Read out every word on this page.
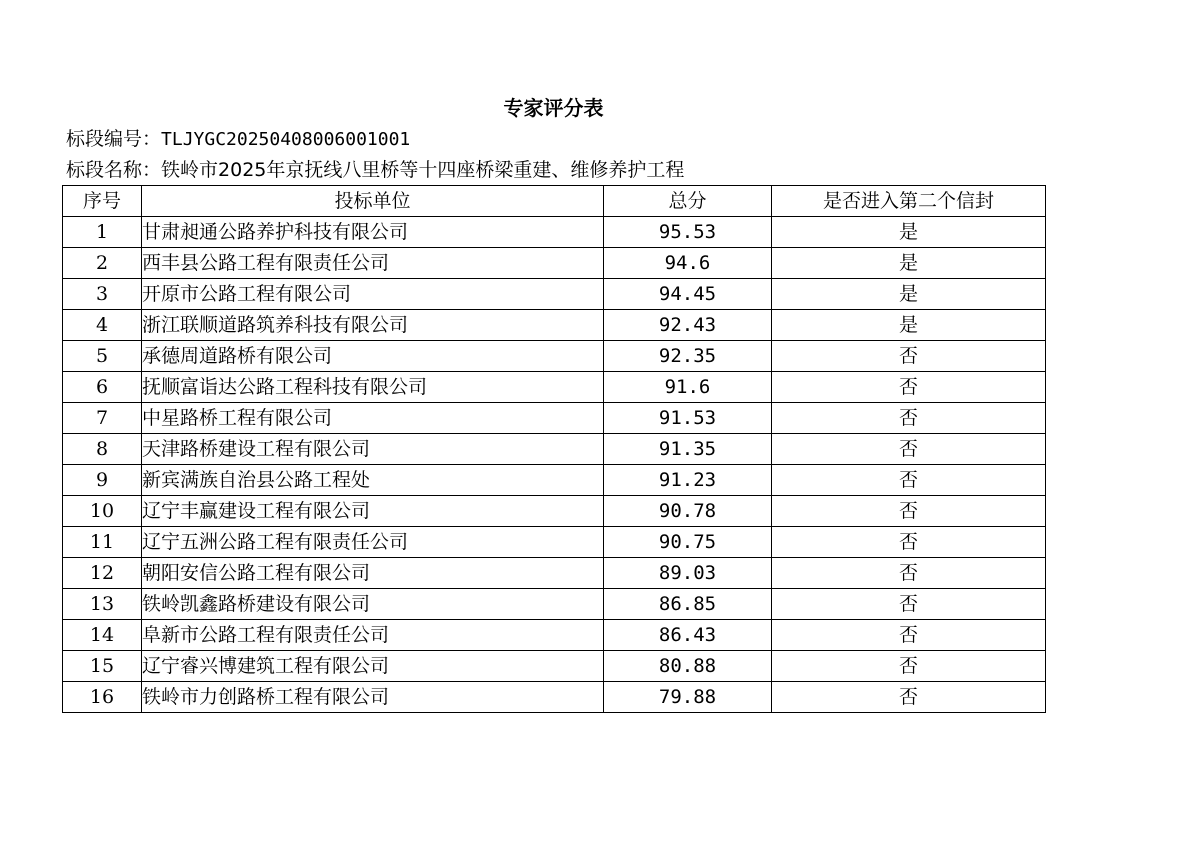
专家评分表
标段编号：TLJYGC20250408006001001
标段名称：铁岭市2025年京抚线八里桥等十四座桥梁重建、维修养护工程
序号	投标单位	总分	是否进入第二个信封
1	甘肃昶通公路养护科技有限公司	95.53	是
2	西丰县公路工程有限责任公司	94.6	是
3	开原市公路工程有限公司	94.45	是
4	浙江联顺道路筑养科技有限公司	92.43	是
5	承德周道路桥有限公司	92.35	否
6	抚顺富诣达公路工程科技有限公司	91.6	否
7	中星路桥工程有限公司	91.53	否
8	天津路桥建设工程有限公司	91.35	否
9	新宾满族自治县公路工程处	91.23	否
10	辽宁丰赢建设工程有限公司	90.78	否
11	辽宁五洲公路工程有限责任公司	90.75	否
12	朝阳安信公路工程有限公司	89.03	否
13	铁岭凯鑫路桥建设有限公司	86.85	否
14	阜新市公路工程有限责任公司	86.43	否
15	辽宁睿兴博建筑工程有限公司	80.88	否
16	铁岭市力创路桥工程有限公司	79.88	否
